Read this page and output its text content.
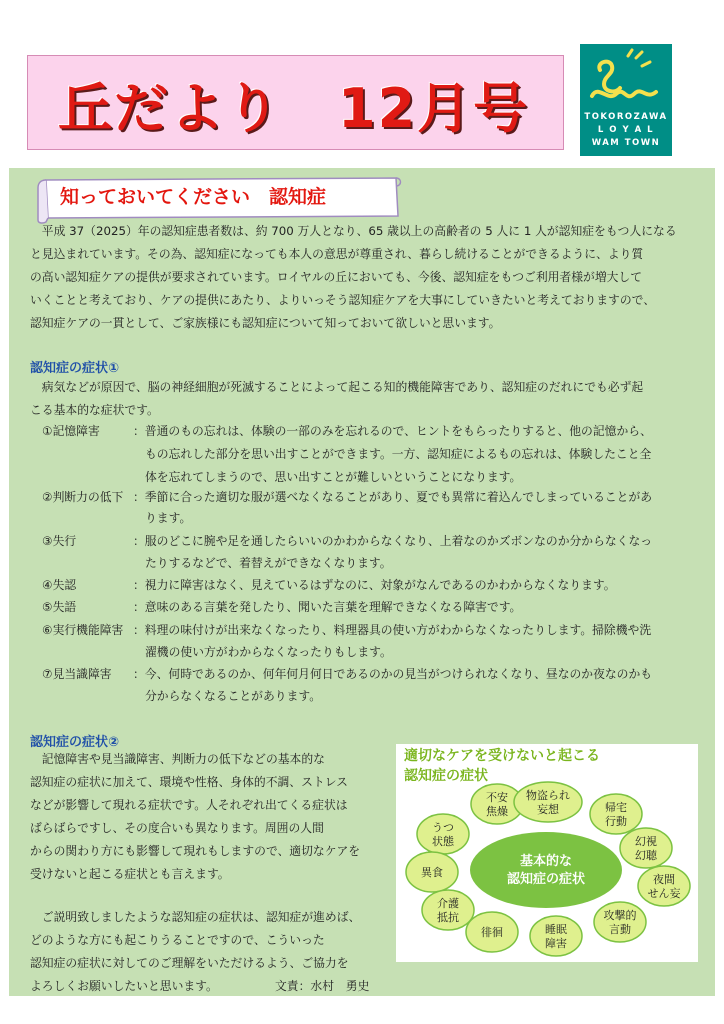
丘だより　12月号	TOKOROZAWA
L O Y A L
WAM TOWN
知っておいてください　認知症
　平成 37（2025）年の認知症患者数は、約 700 万人となり、65 歳以上の高齢者の 5 人に 1 人が認知症をもつ人になる
と見込まれています。その為、認知症になっても本人の意思が尊重され、暮らし続けることができるように、より質
の高い認知症ケアの提供が要求されています。ロイヤルの丘においても、今後、認知症をもつご利用者様が増大して
いくことと考えており、ケアの提供にあたり、よりいっそう認知症ケアを大事にしていきたいと考えておりますので、
認知症ケアの一貫として、ご家族様にも認知症について知っておいて欲しいと思います。
認知症の症状①
　病気などが原因で、脳の神経細胞が死滅することによって起こる知的機能障害であり、認知症のだれにでも必ず起
こる基本的な症状です。
①記憶障害	：普通のもの忘れは、体験の一部のみを忘れるので、ヒントをもらったりすると、他の記憶から、
もの忘れした部分を思い出すことができます。一方、認知症によるもの忘れは、体験したこと全
体を忘れてしまうので、思い出すことが難しいということになります。
②判断力の低下 ：季節に合った適切な服が選べなくなることがあり、夏でも異常に着込んでしまっていることがあ
ります。
③失行	：服のどこに腕や足を通したらいいのかわからなくなり、上着なのかズボンなのか分からなくなっ
たりするなどで、着替えができなくなります。
④失認	：視力に障害はなく、見えているはずなのに、対象がなんであるのかわからなくなります。
⑤失語	：意味のある言葉を発したり、聞いた言葉を理解できなくなる障害です。
⑥実行機能障害 ：料理の味付けが出来なくなったり、料理器具の使い方がわからなくなったりします。掃除機や洗
濯機の使い方がわからなくなったりもします。
⑦見当識障害 ：今、何時であるのか、何年何月何日であるのかの見当がつけられなくなり、昼なのか夜なのかも
分からなくなることがあります。
認知症の症状②
　記憶障害や見当識障害、判断力の低下などの基本的な
認知症の症状に加えて、環境や性格、身体的不調、ストレス
などが影響して現れる症状です。人それぞれ出てくる症状は
ばらばらですし、その度合いも異なります。周囲の人間
からの関わり方にも影響して現れもしますので、適切なケアを
受けないと起こる症状とも言えます。
　ご説明致しましたような認知症の症状は、認知症が進めば、
どのような方にも起こりうることですので、こういった
認知症の症状に対してのご理解をいただけるよう、ご協力を
よろしくお願いしたいと思います。	文責：水村　勇史
適切なケアを受けないと起こる
認知症の症状
基本的な
認知症の症状
不安
焦燥
物盗られ
妄想	帰宅
行動
うつ
状態	幻視
幻聴
異食
夜間
せん妄
介護
抵抗	攻撃的
言動
徘徊	睡眠
障害
